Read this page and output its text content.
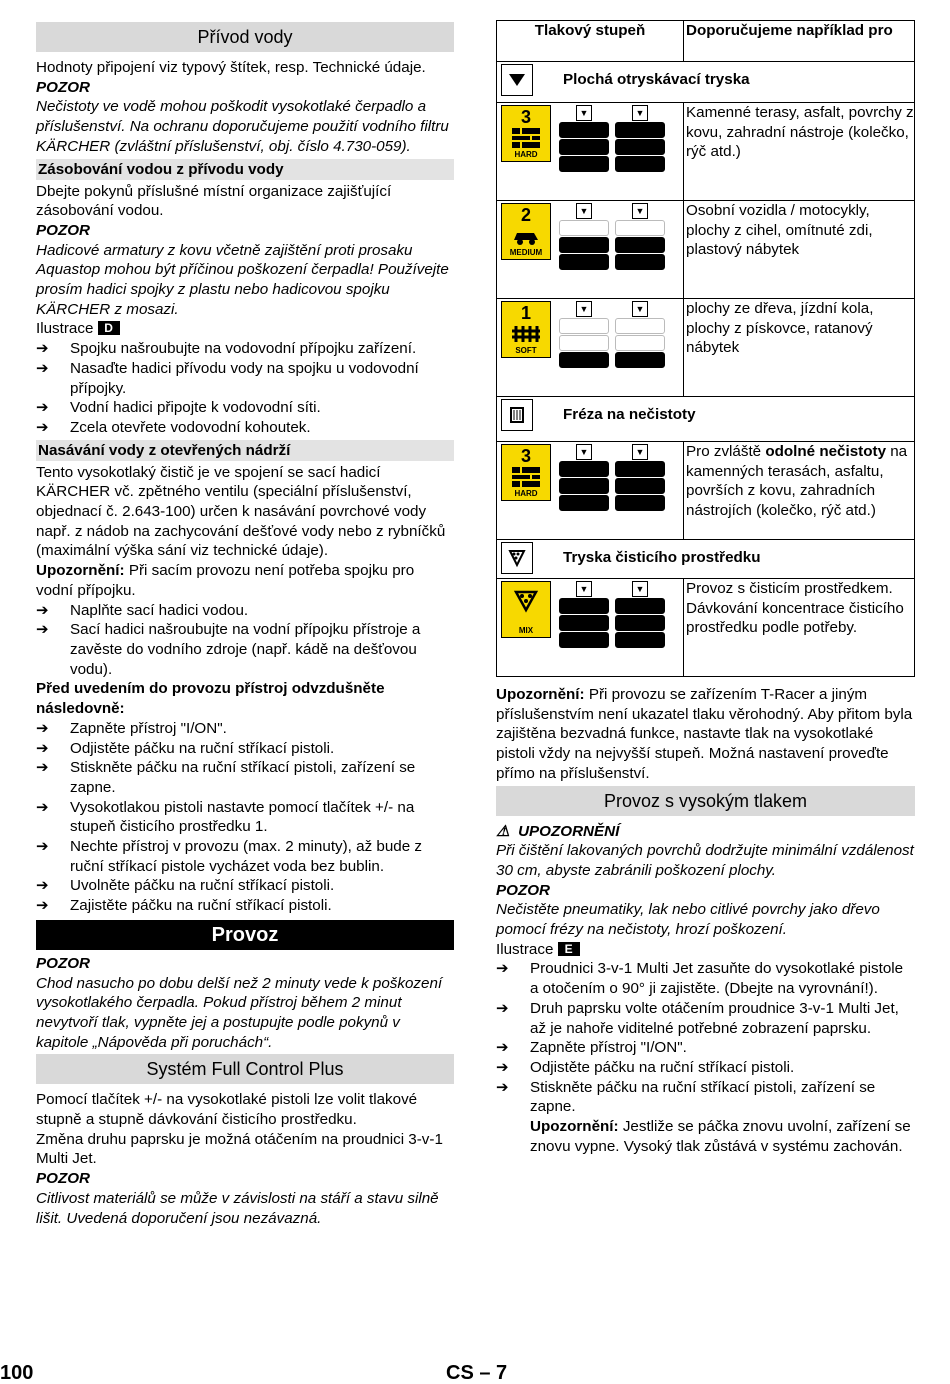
Přívod vody

Hodnoty připojení viz typový štítek, resp. Technické údaje.

POZOR

Nečistoty ve vodě mohou poškodit vysokotlaké čerpadlo a příslušenství. Na ochranu doporučujeme použití vodního filtru KÄRCHER (zvláštní příslušenství, obj. číslo 4.730-059).

Zásobování vodou z přívodu vody

Dbejte pokynů příslušné místní organizace zajišťující zásobování vodou.

POZOR

Hadicové armatury z kovu včetně zajištění proti prosaku Aquastop mohou být příčinou poškození čerpadla! Používejte prosím hadici spojky z plastu nebo hadicovou spojku KÄRCHER z mosazi.

Ilustrace D

➔ Spojku našroubujte na vodovodní přípojku zařízení.
➔ Nasaďte hadici přívodu vody na spojku u vodovodní přípojky.
➔ Vodní hadici připojte k vodovodní síti.
➔ Zcela otevřete vodovodní kohoutek.
Nasávání vody z otevřených nádrží

Tento vysokotlaký čistič je ve spojení se sací hadicí KÄRCHER vč. zpětného ventilu (speciální příslušenství, objednací č. 2.643-100) určen k nasávání povrchové vody např. z nádob na zachycování dešťové vody nebo z rybníčků (maximální výška sání viz technické údaje).

Upozornění: Při sacím provozu není potřeba spojku pro vodní přípojku.

➔ Naplňte sací hadici vodou.
➔ Sací hadici našroubujte na vodní přípojku přístroje a zavěste do vodního zdroje (např. kádě na dešťovou vodu).

Před uvedením do provozu přístroj odvzdušněte následovně:

➔ Zapněte přístroj "I/ON".
➔ Odjistěte páčku na ruční stříkací pistoli.
➔ Stiskněte páčku na ruční stříkací pistoli, zařízení se zapne.
➔ Vysokotlakou pistoli nastavte pomocí tlačítek +/- na stupeň čisticího prostředku 1.
➔ Nechte přístroj v provozu (max. 2 minuty), až bude z ruční stříkací pistole vycházet voda bez bublin.
➔ Uvolněte páčku na ruční stříkací pistoli.
➔ Zajistěte páčku na ruční stříkací pistoli.
Provoz

POZOR

Chod nasucho po dobu delší než 2 minuty vede k poškození vysokotlakého čerpadla. Pokud přístroj během 2 minut nevytvoří tlak, vypněte jej a postupujte podle pokynů v kapitole „Nápověda při poruchách“.

Systém Full Control Plus

Pomocí tlačítek +/- na vysokotlaké pistoli lze volit tlakové stupně a stupně dávkování čisticího prostředku.

Změna druhu paprsku je možná otáčením na proudnici 3-v-1 Multi Jet.

POZOR

Citlivost materiálů se může v závislosti na stáří a stavu silně lišit. Uvedená doporučení jsou nezávazná.

Tlakový stupeň	Doporučujeme například pro

Plochá otryskávací tryska	

3
HARD
▼ ▼	Kamenné terasy, asfalt, povrchy z kovu, zahradní nástroje (kolečko, rýč atd.)

2
MEDIUM
▼ ▼	Osobní vozidla / motocykly, plochy z cihel, omítnuté zdi, plastový nábytek

1
SOFT
▼ ▼	plochy ze dřeva, jízdní kola, plochy z pískovce, ratanový nábytek

Fréza na nečistoty	

3
HARD
▼ ▼	Pro zvláště odolné nečistoty na kamenných terasách, asfaltu, površích z kovu, zahradních nástrojích (kolečko, rýč atd.)

Tryska čisticího prostředku	

MIX
▼ ▼	Provoz s čisticím prostředkem. Dávkování koncentrace čisticího prostředku podle potřeby.

Upozornění: Při provozu se zařízením T-Racer a jiným příslušenstvím není ukazatel tlaku věrohodný. Aby přitom byla zajištěna bezvadná funkce, nastavte tlak na vysokotlaké pistoli vždy na nejvyšší stupeň. Možná nastavení proveďte přímo na příslušenství.

Provoz s vysokým tlakem

⚠ UPOZORNĚNÍ

Při čištění lakovaných povrchů dodržujte minimální vzdálenost 30 cm, abyste zabránili poškození plochy.

POZOR

Nečistěte pneumatiky, lak nebo citlivé povrchy jako dřevo pomocí frézy na nečistoty, hrozí poškození.

Ilustrace E

➔ Proudnici 3-v-1 Multi Jet zasuňte do vysokotlaké pistole a otočením o 90° ji zajistěte. (Dbejte na vyrovnání!).
➔ Druh paprsku volte otáčením proudnice 3-v-1 Multi Jet, až je nahoře viditelné potřebné zobrazení paprsku.
➔ Zapněte přístroj "I/ON".
➔ Odjistěte páčku na ruční stříkací pistoli.
➔ Stiskněte páčku na ruční stříkací pistoli, zařízení se zapne.

Upozornění: Jestliže se páčka znovu uvolní, zařízení se znovu vypne. Vysoký tlak zůstává v systému zachován.

100	CS – 7
